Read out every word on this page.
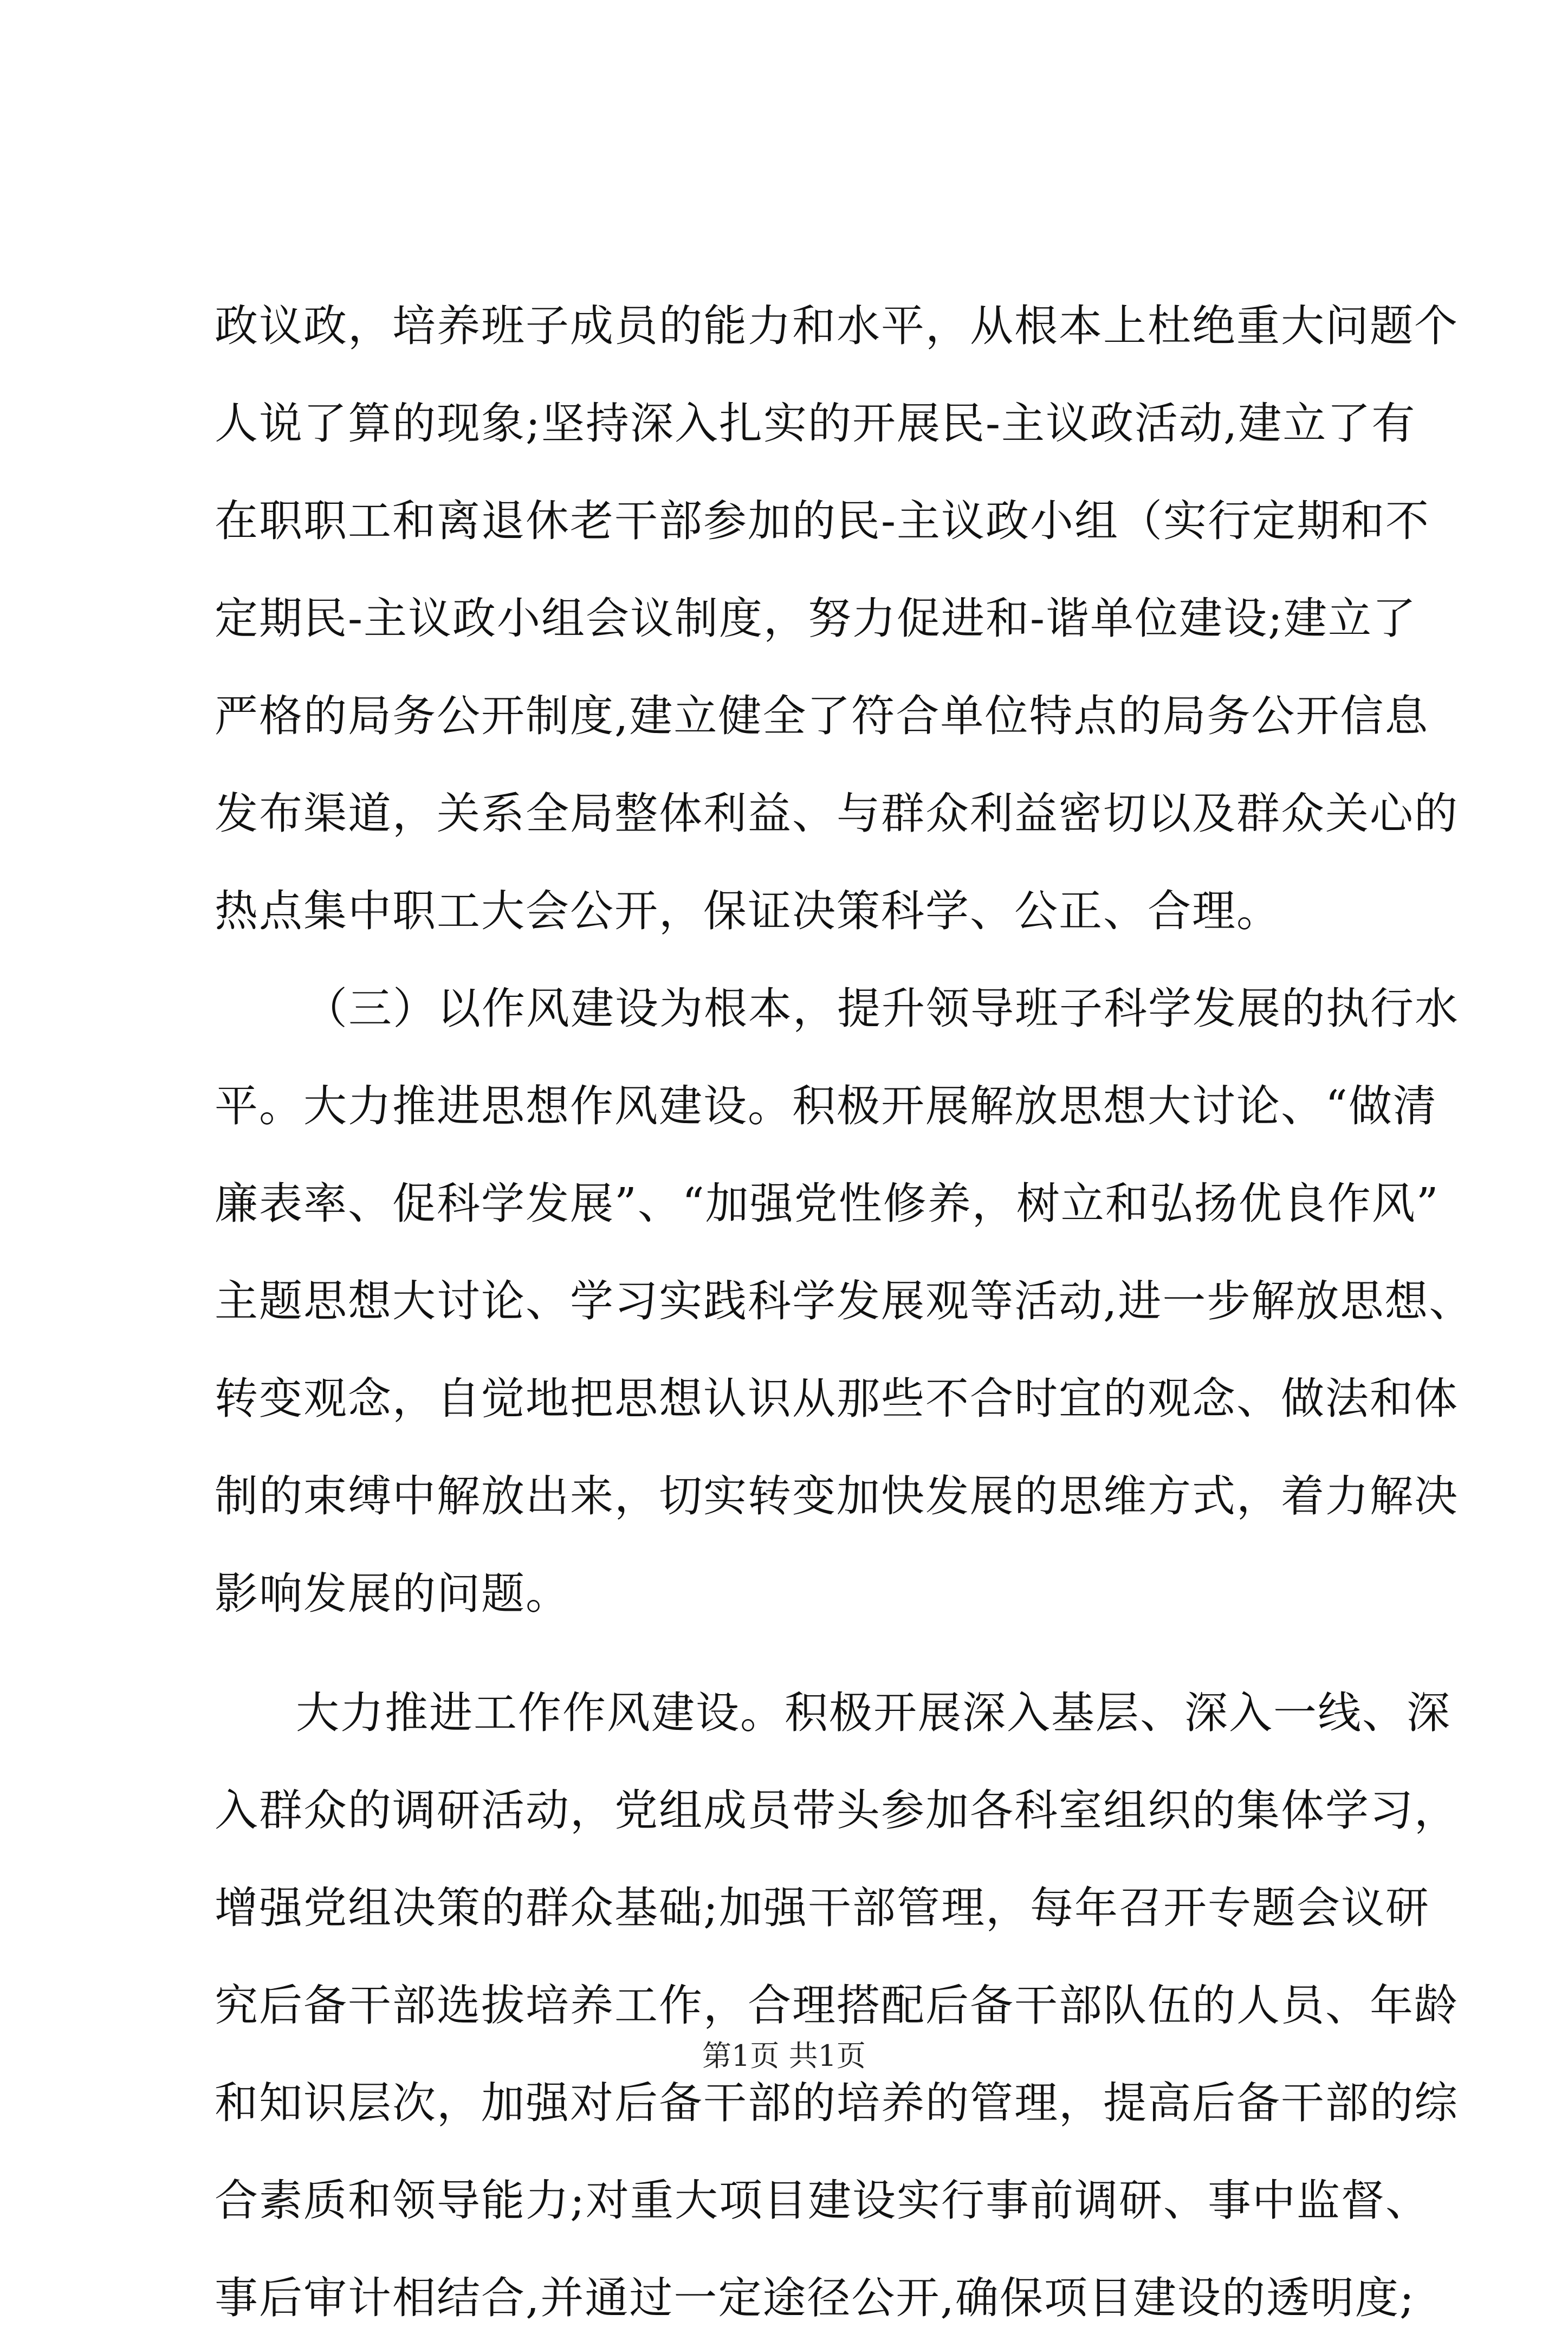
政议政，培养班子成员的能力和水平，从根本上杜绝重大问题个
人说了算的现象;坚持深入扎实的开展民-主议政活动,建立了有
在职职工和离退休老干部参加的民-主议政小组（实行定期和不
定期民-主议政小组会议制度，努力促进和-谐单位建设;建立了
严格的局务公开制度,建立健全了符合单位特点的局务公开信息
发布渠道，关系全局整体利益、与群众利益密切以及群众关心的
热点集中职工大会公开，保证决策科学、公正、合理。
（三）以作风建设为根本，提升领导班子科学发展的执行水
平。大力推进思想作风建设。积极开展解放思想大讨论、“做清
廉表率、促科学发展”、“加强党性修养，树立和弘扬优良作风”
主题思想大讨论、学习实践科学发展观等活动,进一步解放思想、
转变观念，自觉地把思想认识从那些不合时宜的观念、做法和体
制的束缚中解放出来，切实转变加快发展的思维方式，着力解决
影响发展的问题。
大力推进工作作风建设。积极开展深入基层、深入一线、深
入群众的调研活动，党组成员带头参加各科室组织的集体学习，
增强党组决策的群众基础;加强干部管理，每年召开专题会议研
究后备干部选拔培养工作，合理搭配后备干部队伍的人员、年龄
和知识层次，加强对后备干部的培养的管理，提高后备干部的综
合素质和领导能力;对重大项目建设实行事前调研、事中监督、
事后审计相结合,并通过一定途径公开,确保项目建设的透明度;
第1页 共1页
